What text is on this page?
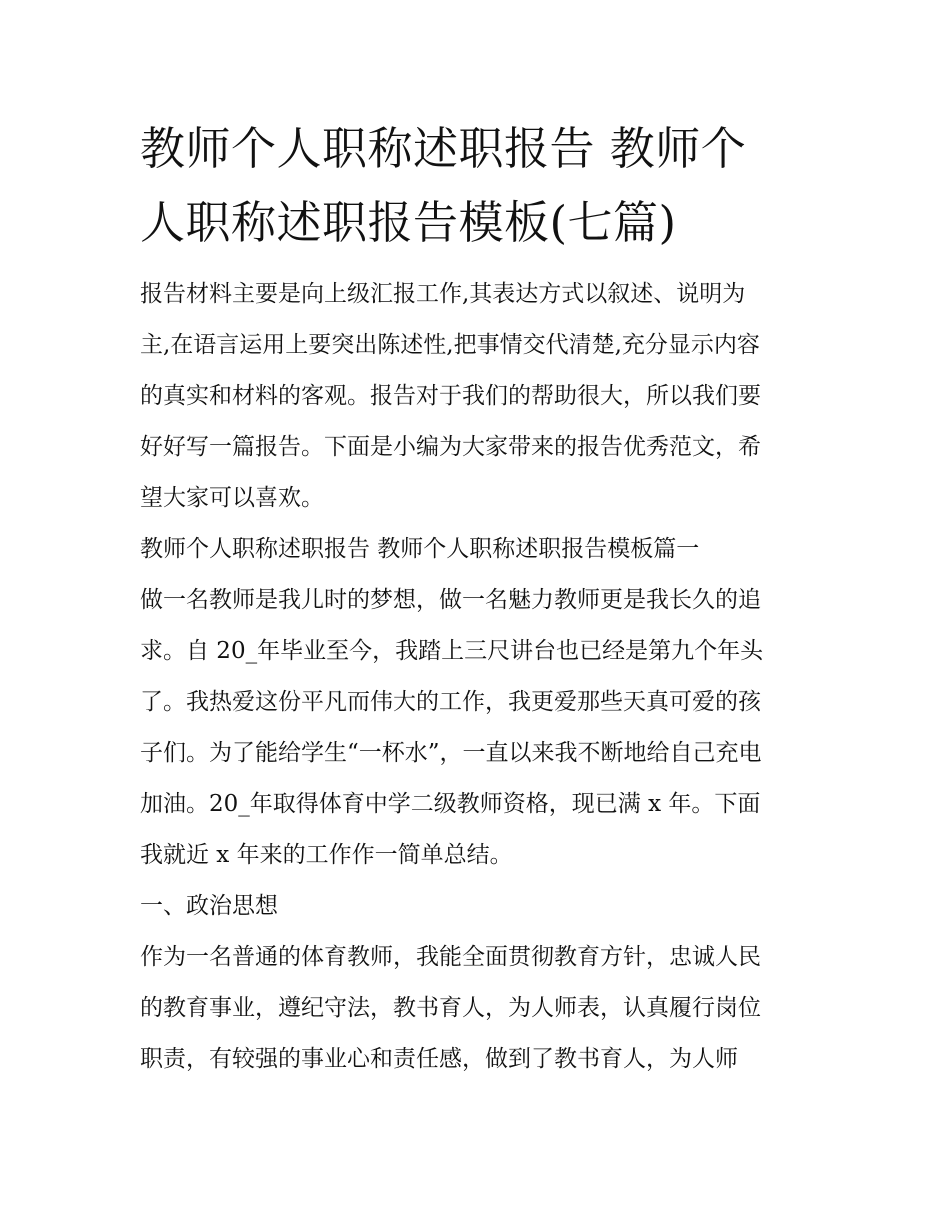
教师个人职称述职报告 教师个
人职称述职报告模板(七篇)

报告材料主要是向上级汇报工作,其表达方式以叙述、说明为
主,在语言运用上要突出陈述性,把事情交代清楚,充分显示内容
的真实和材料的客观。报告对于我们的帮助很大，所以我们要
好好写一篇报告。下面是小编为大家带来的报告优秀范文，希
望大家可以喜欢。

教师个人职称述职报告 教师个人职称述职报告模板篇一

做一名教师是我儿时的梦想，做一名魅力教师更是我长久的追
求。自 20_年毕业至今，我踏上三尺讲台也已经是第九个年头
了。我热爱这份平凡而伟大的工作，我更爱那些天真可爱的孩
子们。为了能给学生“一杯水”，一直以来我不断地给自己充电
加油。20_年取得体育中学二级教师资格，现已满 x 年。下面
我就近 x 年来的工作作一简单总结。

一、政治思想

作为一名普通的体育教师，我能全面贯彻教育方针，忠诚人民
的教育事业，遵纪守法，教书育人，为人师表，认真履行岗位
职责，有较强的事业心和责任感，做到了教书育人，为人师
